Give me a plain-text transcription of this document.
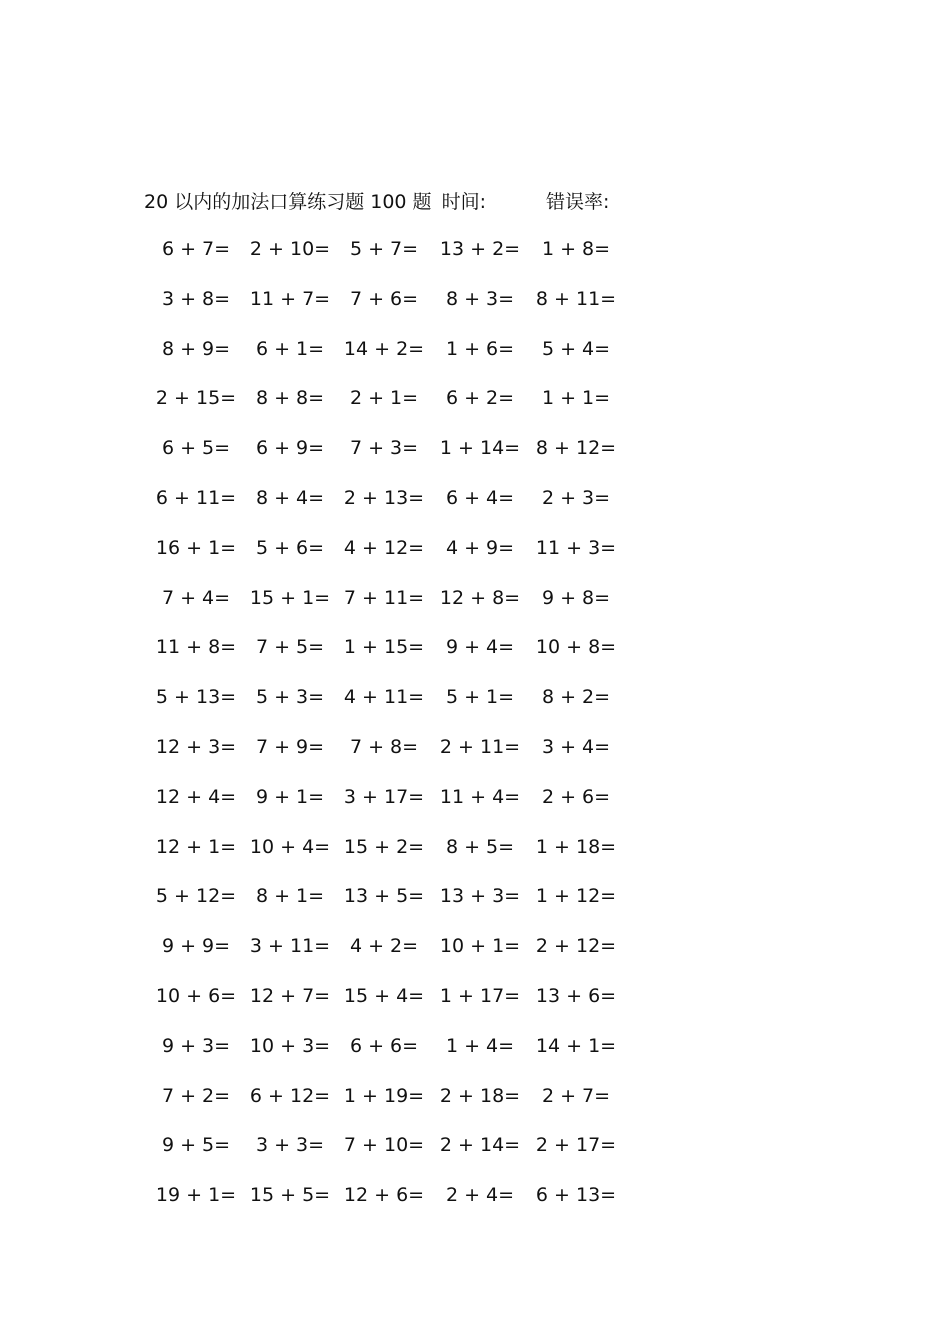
20 以内的加法口算练习题 100 题 时间:	错误率:
6 + 7=	2 + 10=	5 + 7=	13 + 2=	1 + 8=
3 + 8=	11 + 7=	7 + 6=	8 + 3=	8 + 11=
8 + 9=	6 + 1=	14 + 2=	1 + 6=	5 + 4=
2 + 15=	8 + 8=	2 + 1=	6 + 2=	1 + 1=
6 + 5=	6 + 9=	7 + 3=	1 + 14= 8 + 12=
6 + 11=	8 + 4=	2 + 13=	6 + 4=	2 + 3=
16 + 1=	5 + 6=	4 + 12=	4 + 9=	11 + 3=
7 + 4=	15 + 1= 7 + 11= 12 + 8=	9 + 8=
11 + 8=	7 + 5=	1 + 15=	9 + 4=	10 + 8=
5 + 13=	5 + 3=	4 + 11=	5 + 1=	8 + 2=
12 + 3=	7 + 9=	7 + 8=	2 + 11=	3 + 4=
12 + 4=	9 + 1=	3 + 17= 11 + 4=	2 + 6=
12 + 1= 10 + 4= 15 + 2=	8 + 5=	1 + 18=
5 + 12=	8 + 1=	13 + 5= 13 + 3= 1 + 12=
9 + 9=	3 + 11=	4 + 2=	10 + 1= 2 + 12=
10 + 6= 12 + 7= 15 + 4= 1 + 17= 13 + 6=
9 + 3=	10 + 3=	6 + 6=	1 + 4=	14 + 1=
7 + 2=	6 + 12= 1 + 19= 2 + 18=	2 + 7=
9 + 5=	3 + 3=	7 + 10= 2 + 14= 2 + 17=
19 + 1= 15 + 5= 12 + 6=	2 + 4=	6 + 13=
